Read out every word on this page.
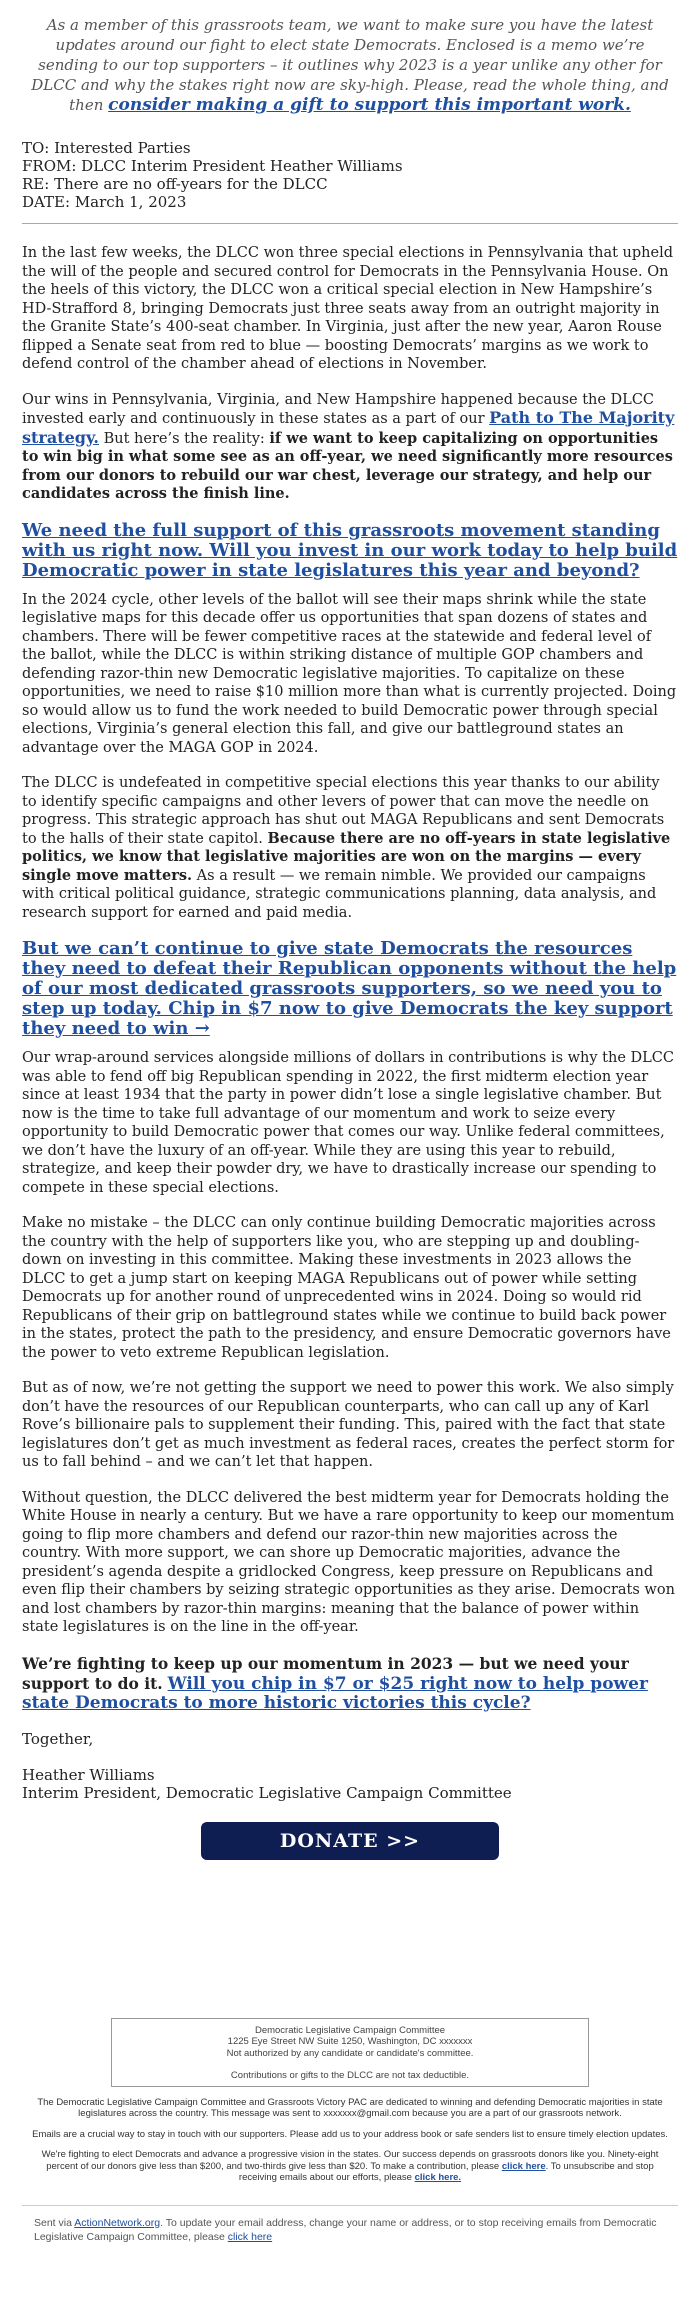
As a member of this grassroots team, we want to make sure you have the latest updates around our fight to elect state Democrats. Enclosed is a memo we’re sending to our top supporters – it outlines why 2023 is a year unlike any other for DLCC and why the stakes right now are sky-high. Please, read the whole thing, and then consider making a gift to support this important work.
TO: Interested Parties
FROM: DLCC Interim President Heather Williams
RE: There are no off-years for the DLCC
DATE: March 1, 2023

In the last few weeks, the DLCC won three special elections in Pennsylvania that upheld the will of the people and secured control for Democrats in the Pennsylvania House. On the heels of this victory, the DLCC won a critical special election in New Hampshire’s HD-Strafford 8, bringing Democrats just three seats away from an outright majority in the Granite State’s 400-seat chamber. In Virginia, just after the new year, Aaron Rouse flipped a Senate seat from red to blue — boosting Democrats’ margins as we work to defend control of the chamber ahead of elections in November.

Our wins in Pennsylvania, Virginia, and New Hampshire happened because the DLCC invested early and continuously in these states as a part of our Path to The Majority strategy. But here’s the reality: if we want to keep capitalizing on opportunities to win big in what some see as an off-year, we need significantly more resources from our donors to rebuild our war chest, leverage our strategy, and help our candidates across the finish line.

We need the full support of this grassroots movement standing with us right now. Will you invest in our work today to help build Democratic power in state legislatures this year and beyond?

In the 2024 cycle, other levels of the ballot will see their maps shrink while the state legislative maps for this decade offer us opportunities that span dozens of states and chambers. There will be fewer competitive races at the statewide and federal level of the ballot, while the DLCC is within striking distance of multiple GOP chambers and defending razor-thin new Democratic legislative majorities. To capitalize on these opportunities, we need to raise $10 million more than what is currently projected. Doing so would allow us to fund the work needed to build Democratic power through special elections, Virginia’s general election this fall, and give our battleground states an advantage over the MAGA GOP in 2024.

The DLCC is undefeated in competitive special elections this year thanks to our ability to identify specific campaigns and other levers of power that can move the needle on progress. This strategic approach has shut out MAGA Republicans and sent Democrats to the halls of their state capitol. Because there are no off-years in state legislative politics, we know that legislative majorities are won on the margins — every single move matters. As a result — we remain nimble. We provided our campaigns with critical political guidance, strategic communications planning, data analysis, and research support for earned and paid media.

But we can’t continue to give state Democrats the resources they need to defeat their Republican opponents without the help of our most dedicated grassroots supporters, so we need you to step up today. Chip in $7 now to give Democrats the key support they need to win →

Our wrap-around services alongside millions of dollars in contributions is why the DLCC was able to fend off big Republican spending in 2022, the first midterm election year since at least 1934 that the party in power didn’t lose a single legislative chamber. But now is the time to take full advantage of our momentum and work to seize every opportunity to build Democratic power that comes our way. Unlike federal committees, we don’t have the luxury of an off-year. While they are using this year to rebuild, strategize, and keep their powder dry, we have to drastically increase our spending to compete in these special elections.

Make no mistake – the DLCC can only continue building Democratic majorities across the country with the help of supporters like you, who are stepping up and doubling-down on investing in this committee. Making these investments in 2023 allows the DLCC to get a jump start on keeping MAGA Republicans out of power while setting Democrats up for another round of unprecedented wins in 2024. Doing so would rid Republicans of their grip on battleground states while we continue to build back power in the states, protect the path to the presidency, and ensure Democratic governors have the power to veto extreme Republican legislation.

But as of now, we’re not getting the support we need to power this work. We also simply don’t have the resources of our Republican counterparts, who can call up any of Karl Rove’s billionaire pals to supplement their funding. This, paired with the fact that state legislatures don’t get as much investment as federal races, creates the perfect storm for us to fall behind – and we can’t let that happen.

Without question, the DLCC delivered the best midterm year for Democrats holding the White House in nearly a century. But we have a rare opportunity to keep our momentum going to flip more chambers and defend our razor-thin new majorities across the country. With more support, we can shore up Democratic majorities, advance the president’s agenda despite a gridlocked Congress, keep pressure on Republicans and even flip their chambers by seizing strategic opportunities as they arise. Democrats won and lost chambers by razor-thin margins: meaning that the balance of power within state legislatures is on the line in the off-year.

We’re fighting to keep up our momentum in 2023 — but we need your support to do it. Will you chip in $7 or $25 right now to help power state Democrats to more historic victories this cycle?

Together,

Heather Williams

Interim President, Democratic Legislative Campaign Committee

DONATE >>
Democratic Legislative Campaign Committee
1225 Eye Street NW Suite 1250, Washington, DC xxxxxxx
Not authorized by any candidate or candidate's committee.
Contributions or gifts to the DLCC are not tax deductible.
The Democratic Legislative Campaign Committee and Grassroots Victory PAC are dedicated to winning and defending Democratic majorities in state legislatures across the country. This message was sent to xxxxxxx@gmail.com because you are a part of our grassroots network.
Emails are a crucial way to stay in touch with our supporters. Please add us to your address book or safe senders list to ensure timely election updates.
We're fighting to elect Democrats and advance a progressive vision in the states. Our success depends on grassroots donors like you. Ninety-eight percent of our donors give less than $200, and two-thirds give less than $20. To make a contribution, please click here. To unsubscribe and stop receiving emails about our efforts, please click here.
Sent via ActionNetwork.org. To update your email address, change your name or address, or to stop receiving emails from Democratic Legislative Campaign Committee, please click here
